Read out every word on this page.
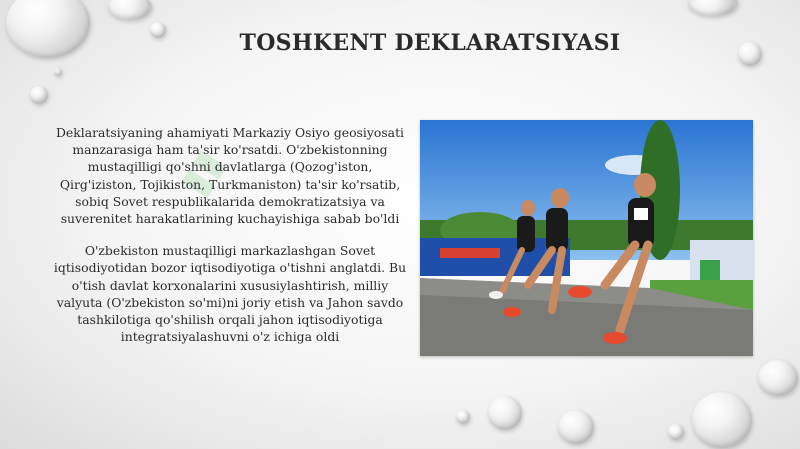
▮▮
TOSHKENT DEKLARATSIYASI

Deklaratsiyaning ahamiyati Markaziy Osiyo geosiyosati manzarasiga ham ta'sir ko'rsatdi. O'zbekistonning mustaqilligi qo'shni davlatlarga (Qozog'iston, Qirg'iziston, Tojikiston, Turkmaniston) ta'sir ko'rsatib, sobiq Sovet respublikalarida demokratizatsiya va suverenitet harakatlarining kuchayishiga sabab bo'ldi

O'zbekiston mustaqilligi markazlashgan Sovet iqtisodiyotidan bozor iqtisodiyotiga o'tishni anglatdi. Bu o'tish davlat korxonalarini xususiylashtirish, milliy valyuta (O'zbekiston so'mi)ni joriy etish va Jahon savdo tashkilotiga qo'shilish orqali jahon iqtisodiyotiga integratsiyalashuvni o'z ichiga oldi
